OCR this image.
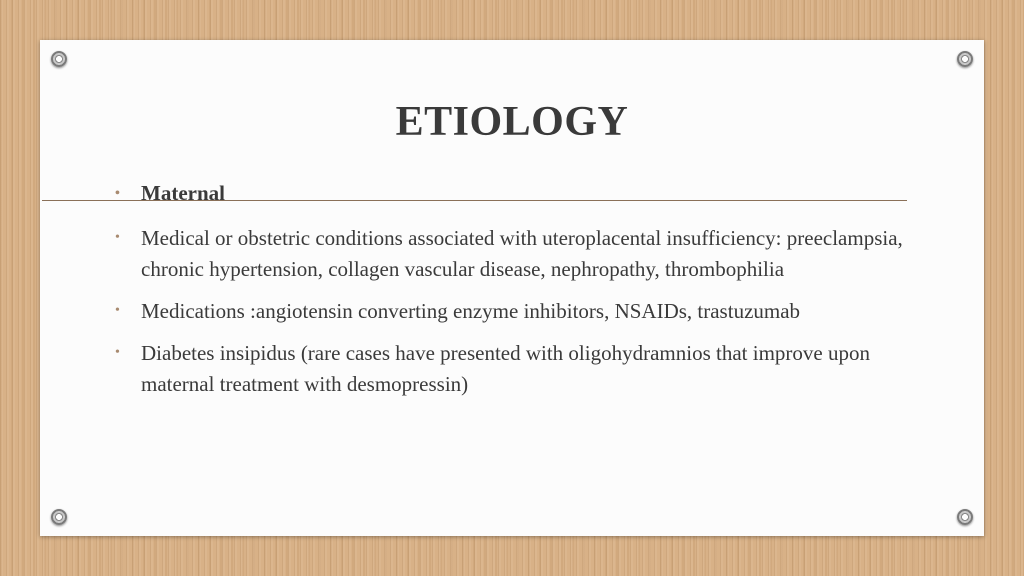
ETIOLOGY
• Maternal
• Medical or obstetric conditions associated with uteroplacental insufficiency: preeclampsia, chronic hypertension, collagen vascular disease, nephropathy, thrombophilia
• Medications :angiotensin converting enzyme inhibitors, NSAIDs, trastuzumab
• Diabetes insipidus (rare cases have presented with oligohydramnios that improve upon maternal treatment with desmopressin)
